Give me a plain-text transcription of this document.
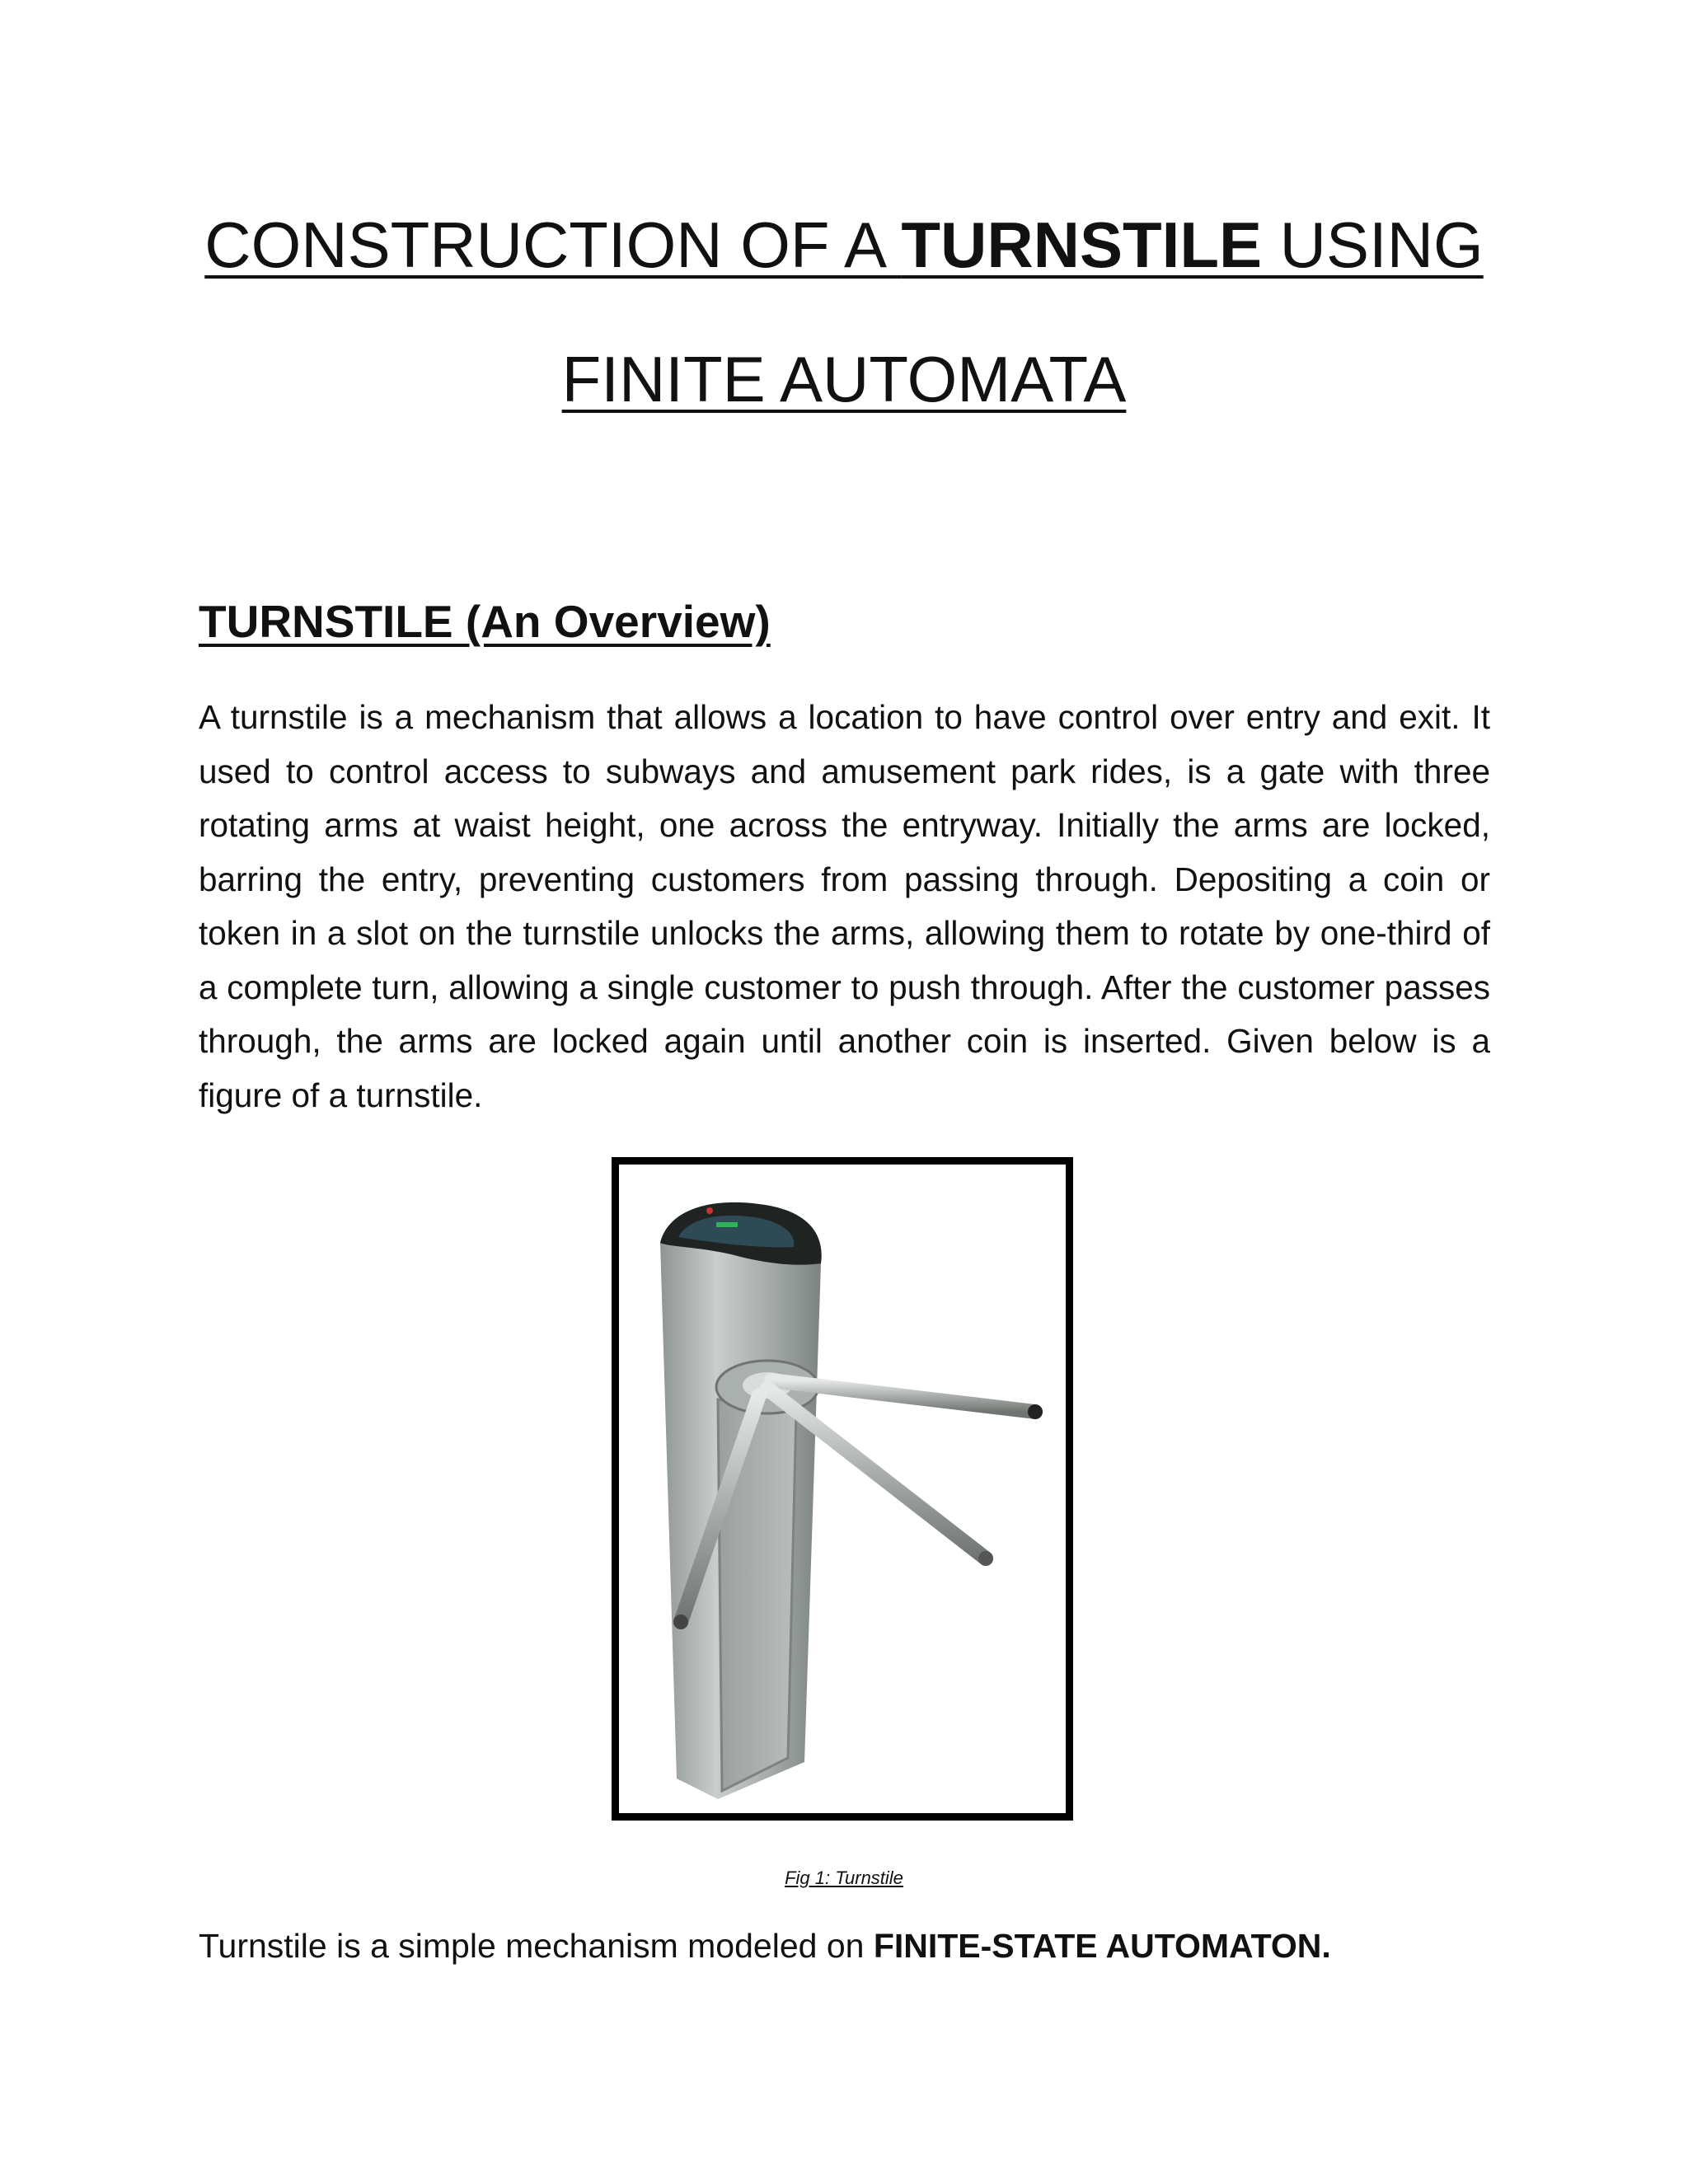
CONSTRUCTION OF A TURNSTILE USING
FINITE AUTOMATA
TURNSTILE (An Overview)

A turnstile is a mechanism that allows a location to have control over entry and exit. It used to control access to subways and amusement park rides, is a gate with three rotating arms at waist height, one across the entryway. Initially the arms are locked, barring the entry, preventing customers from passing through. Depositing a coin or token in a slot on the turnstile unlocks the arms, allowing them to rotate by one-third of a complete turn, allowing a single customer to push through. After the customer passes through, the arms are locked again until another coin is inserted. Given below is a figure of a turnstile.

Fig 1: Turnstile

Turnstile is a simple mechanism modeled on FINITE-STATE AUTOMATON.
